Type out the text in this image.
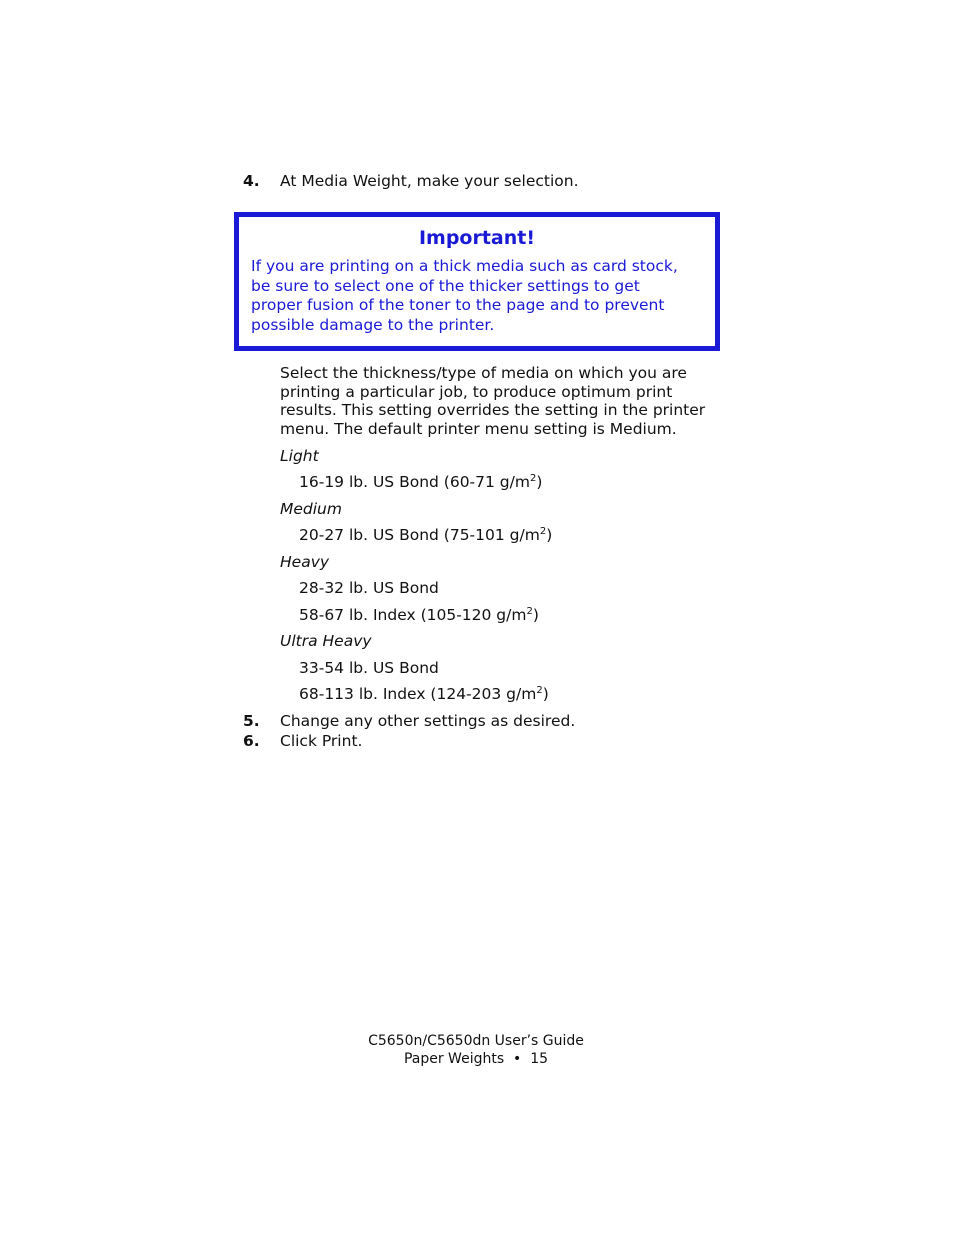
4. At Media Weight, make your selection.
Important!
If you are printing on a thick media such as card stock,
be sure to select one of the thicker settings to get
proper fusion of the toner to the page and to prevent
possible damage to the printer.
Select the thickness/type of media on which you are
printing a particular job, to produce optimum print
results. This setting overrides the setting in the printer
menu. The default printer menu setting is Medium.
Light
16-19 lb. US Bond (60-71 $g/m^2$)
Medium
20-27 lb. US Bond (75-101 $g/m^2$)
Heavy
28-32 lb. US Bond
58-67 lb. Index (105-120 $g/m^2$)
Ultra Heavy
33-54 lb. US Bond
68-113 lb. Index (124-203 $g/m^2$)
5. Change any other settings as desired.
6. Click Print.
C5650n/C5650dn User’s Guide
Paper Weights • 15
